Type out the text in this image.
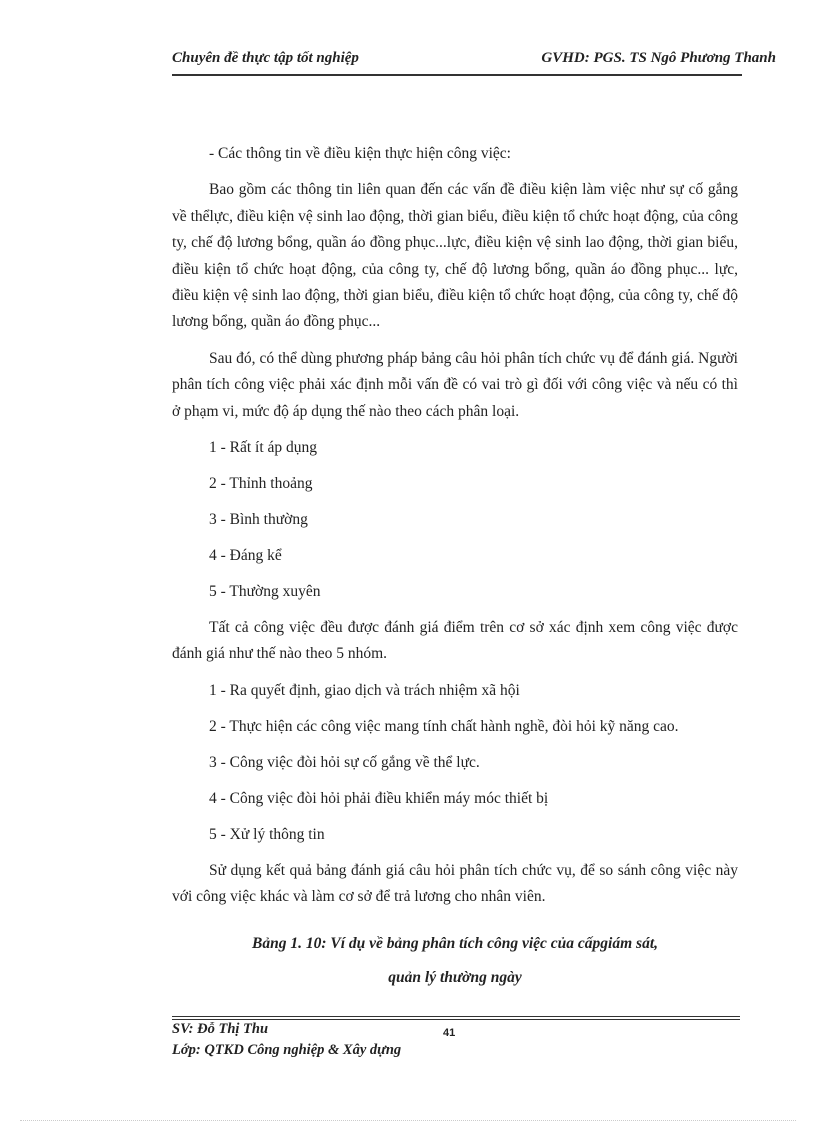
Chuyên đề thực tập tốt nghiệp	GVHD: PGS. TS Ngô Phương Thanh

- Các thông tin về điều kiện thực hiện công việc:

Bao gồm các thông tin liên quan đến các vấn đề điều kiện làm việc như sự cố gắng về thểlực, điều kiện vệ sinh lao động, thời gian biểu, điều kiện tổ chức hoạt động, của công ty, chế độ lương bổng, quần áo đồng phục...lực, điều kiện vệ sinh lao động, thời gian biểu, điều kiện tổ chức hoạt động, của công ty, chế độ lương bổng, quần áo đồng phục... lực, điều kiện vệ sinh lao động, thời gian biểu, điều kiện tổ chức hoạt động, của công ty, chế độ lương bổng, quần áo đồng phục...

Sau đó, có thể dùng phương pháp bảng câu hỏi phân tích chức vụ để đánh giá. Người phân tích công việc phải xác định mỗi vấn đề có vai trò gì đối với công việc và nếu có thì ở phạm vi, mức độ áp dụng thế nào theo cách phân loại.

1 - Rất ít áp dụng

2 - Thỉnh thoảng

3 - Bình thường

4 - Đáng kể

5 - Thường xuyên

Tất cả công việc đều được đánh giá điểm trên cơ sở xác định xem công việc được đánh giá như thế nào theo 5 nhóm.

1 - Ra quyết định, giao dịch và trách nhiệm xã hội

2 - Thực hiện các công việc mang tính chất hành nghề, đòi hỏi kỹ năng cao.

3 - Công việc đòi hỏi sự cố gắng về thể lực.

4 - Công việc đòi hỏi phải điều khiển máy móc thiết bị

5 - Xử lý thông tin

Sử dụng kết quả bảng đánh giá câu hỏi phân tích chức vụ, để so sánh công việc này với công việc khác và làm cơ sở để trả lương cho nhân viên.

Bảng 1. 10: Ví dụ về bảng phân tích công việc của cấpgiám sát,
quản lý thường ngày
SV: Đỗ Thị Thu	41
Lớp: QTKD Công nghiệp & Xây dựng
